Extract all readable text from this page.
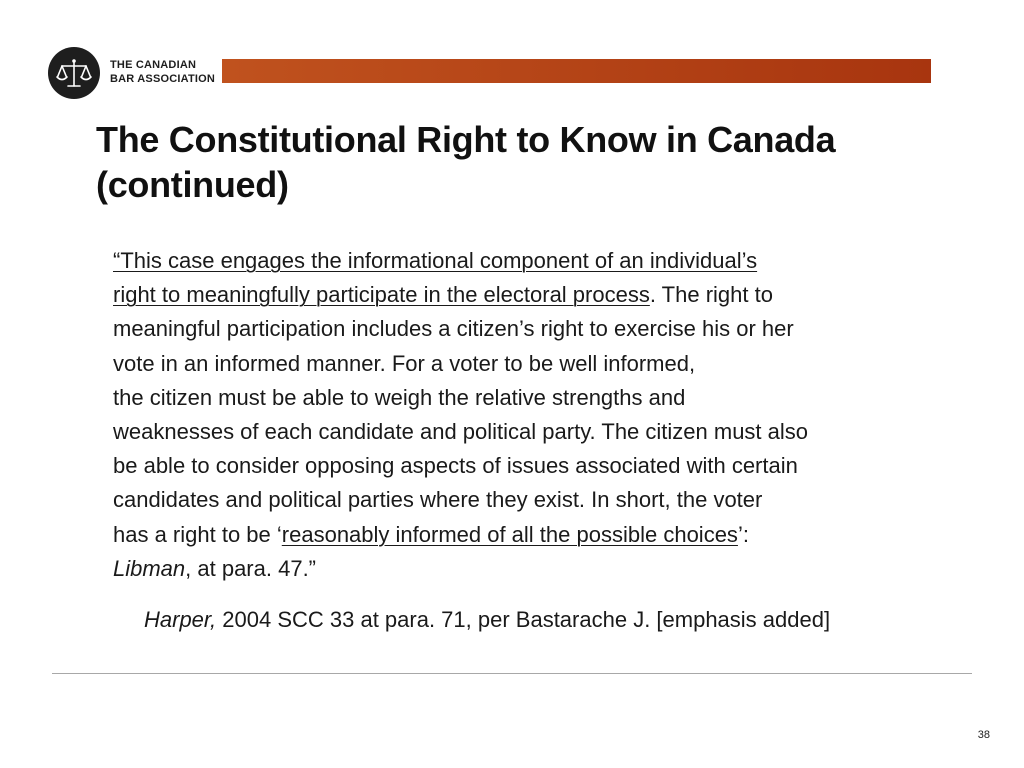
THE CANADIAN
BAR ASSOCIATION
The Constitutional Right to Know in Canada
(continued)

“This case engages the informational component of an individual’s
right to meaningfully participate in the electoral process. The right to
meaningful participation includes a citizen’s right to exercise his or her
vote in an informed manner. For a voter to be well informed,
the citizen must be able to weigh the relative strengths and
weaknesses of each candidate and political party. The citizen must also
be able to consider opposing aspects of issues associated with certain
candidates and political parties where they exist. In short, the voter
has a right to be ‘reasonably informed of all the possible choices’:
Libman, at para. 47.”

Harper, 2004 SCC 33 at para. 71, per Bastarache J. [emphasis added]

38
